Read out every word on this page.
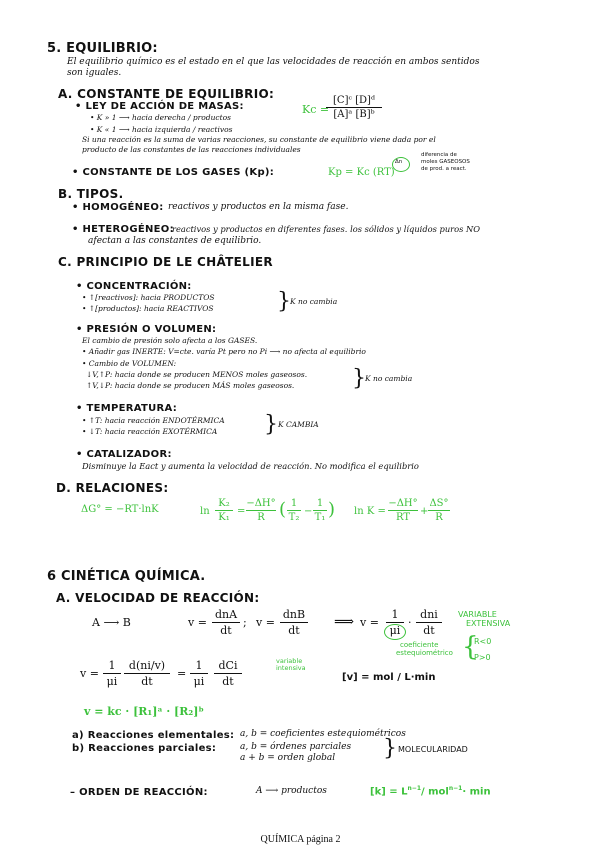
5. EQUILIBRIO:
El equilibrio químico es el estado en el que las velocidades de reacción en ambos sentidos
son iguales.
A. CONSTANTE DE EQUILIBRIO:
• LEY DE ACCIÓN DE MASAS:
• K » 1 ⟶ hacia derecha / productos
• K « 1 ⟶ hacia izquierda / reactivos
Kc =
[C]ᶜ [D]ᵈ
[A]ᵃ [B]ᵇ
Si una reacción es la suma de varias reacciones, su constante de equilibrio viene dada por el
producto de las constantes de las reacciones individuales
• CONSTANTE DE LOS GASES (Kp):	Kp = Kc (RT)
Δn
diferencia de
moles GASEOSOS
de prod. a react.
B. TIPOS.
• HOMOGÉNEO: reactivos y productos en la misma fase.
• HETEROGÉNEO:
reactivos y productos en diferentes fases. los sólidos y líquidos puros NO
afectan a las constantes de equilibrio.
C. PRINCIPIO DE LE CHÂTELIER
• CONCENTRACIÓN:
• ↑[reactivos]: hacia PRODUCTOS
• ↑[productos]: hacia REACTIVOS	} K no cambia
• PRESIÓN O VOLUMEN:
El cambio de presión solo afecta a los GASES.
• Añadir gas INERTE: V=cte. varía Pt pero no Pi ⟶ no afecta al equilibrio
• Cambio de VOLUMEN:
↓V,↑P: hacia donde se producen MENOS moles gaseosos.
↑V,↓P: hacia donde se producen MÁS moles gaseosos.	} K no cambia
• TEMPERATURA:
• ↑T: hacia reacción ENDOTÉRMICA
• ↓T: hacia reacción EXOTÉRMICA } K CAMBIA
• CATALIZADOR:
Disminuye la Eact y aumenta la velocidad de reacción. No modifica el equilibrio
D. RELACIONES:
ΔG° = −RT·lnK	ln
K₂
K₁
=
−ΔH°
R ( 1
T₂
−
1
T₁ ) ln K =
−ΔH°
RT
+
ΔS°
R
6 CINÉTICA QUÍMICA.
A. VELOCIDAD DE REACCIÓN:
A ⟶ B	v =
dnA
dt
; v =
dnB
dt
⟹ v =
1
μi
·
dni
dt
VARIABLE
EXTENSIVA
coeficiente
estequiométrico {
R<0
P>0
v =
1
μi
d(ni/v)
dt
=
1
μi
dCi
dt
variable
intensiva
[v] = mol / L·min
v = kc · [R₁]ᵃ · [R₂]ᵇ
a) Reacciones elementales: a, b = coeficientes estequiométricos
b) Reacciones parciales:	a, b = órdenes parciales
a + b = orden global } MOLECULARIDAD
– ORDEN DE REACCIÓN:	A ⟶ productos	$[k] = L^{n-1}/$ mol$^{n-1}$· min
QUÍMICA página 2
